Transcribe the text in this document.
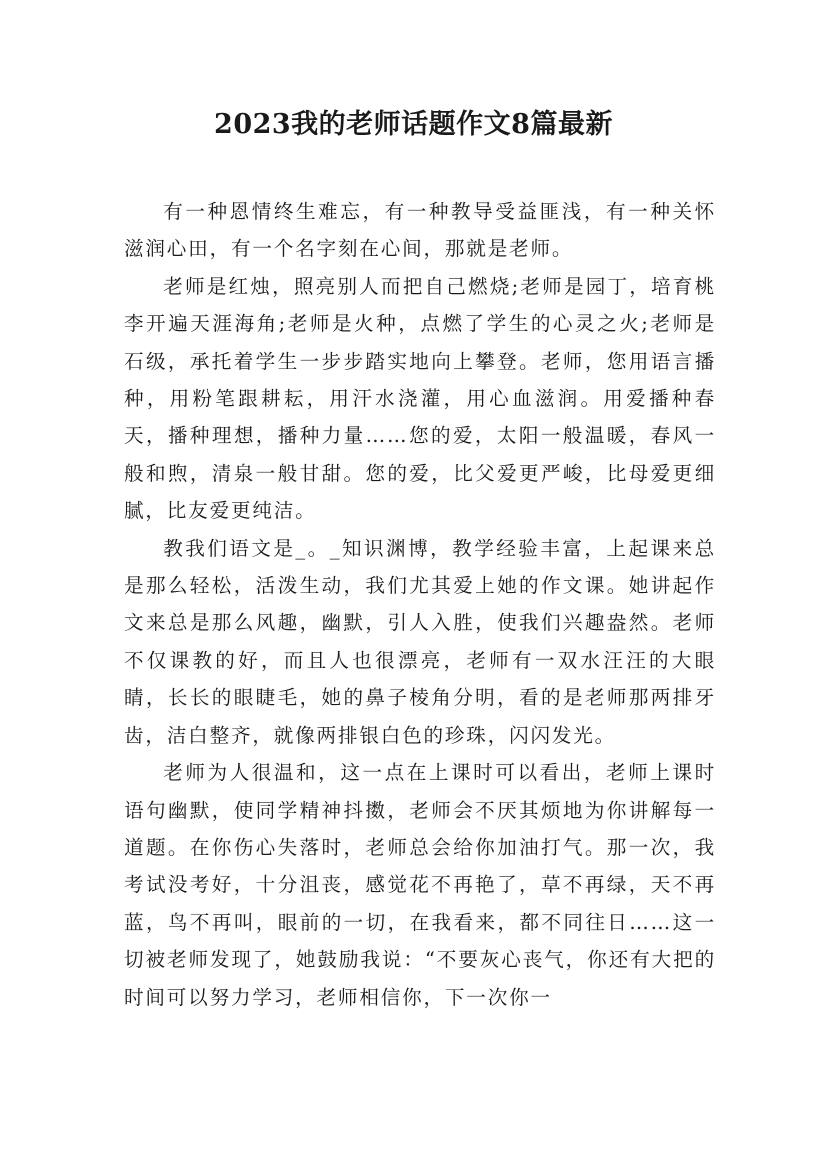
2023我的老师话题作文8篇最新

有一种恩情终生难忘，有一种教导受益匪浅，有一种关怀滋润心田，有一个名字刻在心间，那就是老师。

老师是红烛，照亮别人而把自己燃烧;老师是园丁，培育桃李开遍天涯海角;老师是火种，点燃了学生的心灵之火;老师是石级，承托着学生一步步踏实地向上攀登。老师，您用语言播种，用粉笔跟耕耘，用汗水浇灌，用心血滋润。用爱播种春天，播种理想，播种力量……您的爱，太阳一般温暖，春风一般和煦，清泉一般甘甜。您的爱，比父爱更严峻，比母爱更细腻，比友爱更纯洁。

教我们语文是_。_知识渊博，教学经验丰富，上起课来总是那么轻松，活泼生动，我们尤其爱上她的作文课。她讲起作文来总是那么风趣，幽默，引人入胜，使我们兴趣盎然。老师不仅课教的好，而且人也很漂亮，老师有一双水汪汪的大眼睛，长长的眼睫毛，她的鼻子棱角分明，看的是老师那两排牙齿，洁白整齐，就像两排银白色的珍珠，闪闪发光。

老师为人很温和，这一点在上课时可以看出，老师上课时语句幽默，使同学精神抖擞，老师会不厌其烦地为你讲解每一道题。在你伤心失落时，老师总会给你加油打气。那一次，我考试没考好，十分沮丧，感觉花不再艳了，草不再绿，天不再蓝，鸟不再叫，眼前的一切，在我看来，都不同往日……这一切被老师发现了，她鼓励我说：“不要灰心丧气，你还有大把的时间可以努力学习，老师相信你，下一次你一
